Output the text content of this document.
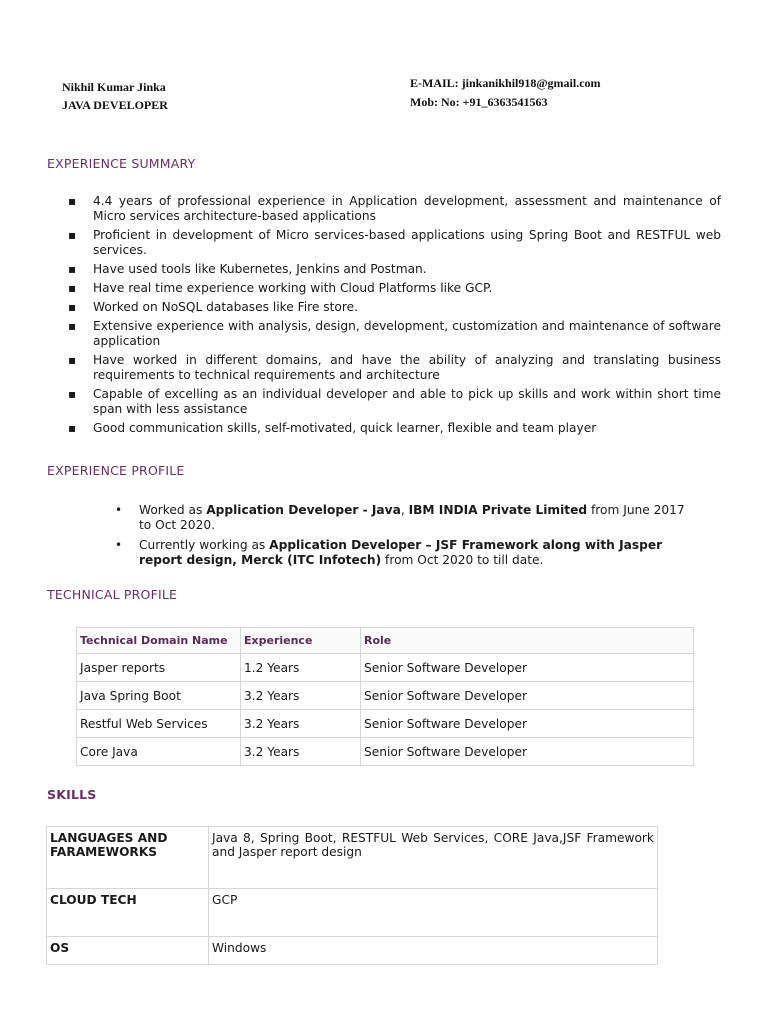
Nikhil Kumar Jinka
JAVA DEVELOPER
E-MAIL: jinkanikhil918@gmail.com
Mob: No: +91_6363541563
EXPERIENCE SUMMARY
▪ 4.4 years of professional experience in Application development, assessment and maintenance of Micro services architecture-based applications
▪ Proficient in development of Micro services-based applications using Spring Boot and RESTFUL web services.
▪ Have used tools like Kubernetes, Jenkins and Postman.
▪ Have real time experience working with Cloud Platforms like GCP.
▪ Worked on NoSQL databases like Fire store.
▪ Extensive experience with analysis, design, development, customization and maintenance of software application
▪ Have worked in different domains, and have the ability of analyzing and translating business requirements to technical requirements and architecture
▪ Capable of excelling as an individual developer and able to pick up skills and work within short time span with less assistance
▪ Good communication skills, self-motivated, quick learner, flexible and team player
EXPERIENCE PROFILE
• Worked as Application Developer - Java, IBM INDIA Private Limited from June 2017 to Oct 2020.
• Currently working as Application Developer – JSF Framework along with Jasper report design, Merck (ITC Infotech) from Oct 2020 to till date.
TECHNICAL PROFILE
Technical Domain Name	Experience	Role
Jasper reports	1.2 Years	Senior Software Developer
Java Spring Boot	3.2 Years	Senior Software Developer
Restful Web Services	3.2 Years	Senior Software Developer
Core Java	3.2 Years	Senior Software Developer
SKILLS
LANGUAGES AND FARAMEWORKS	Java 8, Spring Boot, RESTFUL Web Services, CORE Java,JSF Framework and Jasper report design
CLOUD TECH	GCP
OS	Windows
